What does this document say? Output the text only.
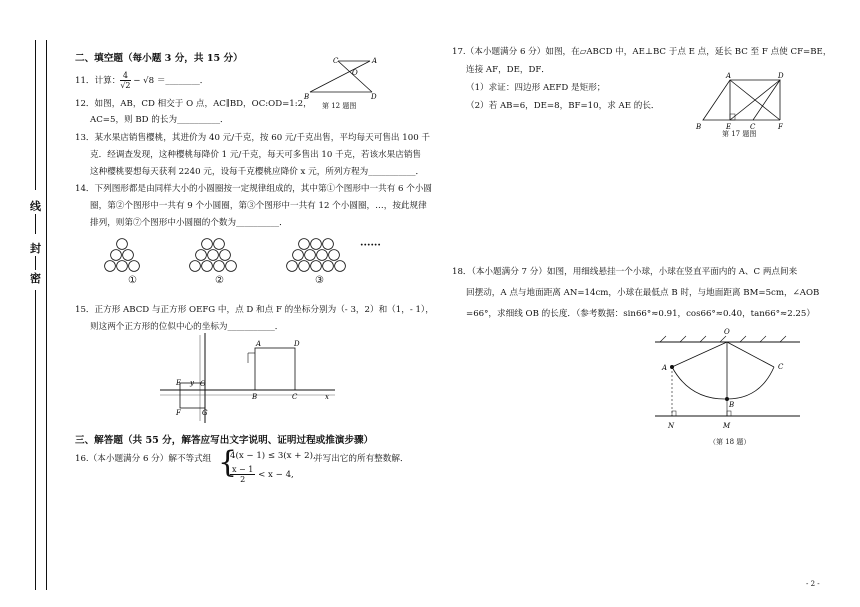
线
封
密
二、填空题（每小题 3 分，共 15 分）
11．计算： $\frac{4}{√2} - √8$ ＝________．
12．如图，AB，CD 相交于 O 点，AC∥BD，OC:OD=1:2，
AC=5，则 BD 的长为__________．
C	A
O
B	D
第 12 题图
13．某水果店销售樱桃，其进价为 40 元/千克，按 60 元/千克出售，平均每天可售出 100 千
克．经调查发现，这种樱桃每降价 1 元/千克，每天可多售出 10 千克，若该水果店销售
这种樱桃要想每天获利 2240 元，设每千克樱桃应降价 x 元，所列方程为___________．
14．下列图形都是由同样大小的小圆圈按一定规律组成的，其中第①个图形中一共有 6 个小圆
圈，第②个图形中一共有 9 个小圆圈，第③个图形中一共有 12 个小圆圈，…，按此规律
排列，则第⑦个图形中小圆圈的个数为__________．
①	②	③
······
15．正方形 ABCD 与正方形 OEFG 中，点 D 和点 F 的坐标分别为（- 3，2）和（1，- 1），
则这两个正方形的位似中心的坐标为___________．
y
A	D
E	O
B	C	x
F	G
三、解答题（共 55 分，解答应写出文字说明、证明过程或推演步骤）
16.（本小题满分 6 分）解不等式组 {
4(x − 1) ≤ 3(x + 2),
$\frac{x - 1}{2} < x - 4$,
并写出它的所有整数解．
17.（本小题满分 6 分）如图，在▱ABCD 中，AE⊥BC 于点 E 点，延长 BC 至 F 点使 CF=BE，
连接 AF，DE，DF．
（1）求证：四边形 AEFD 是矩形；
（2）若 AB=6，DE=8，BF=10，求 AE 的长．
A	D
B	E	C	F
第 17 题图
18．（本小题满分 7 分）如图，用细线悬挂一个小球，小球在竖直平面内的 A、C 两点间来
回摆动，A 点与地面距离 AN=14cm，小球在最低点 B 时，与地面距离 BM=5cm，∠AOB
=66°，求细线 OB 的长度．（参考数据：sin66°≈0.91，cos66°≈0.40，tan66°≈2.25）
O
A
B
C
N	M
（第 18 题）
- 2 -
